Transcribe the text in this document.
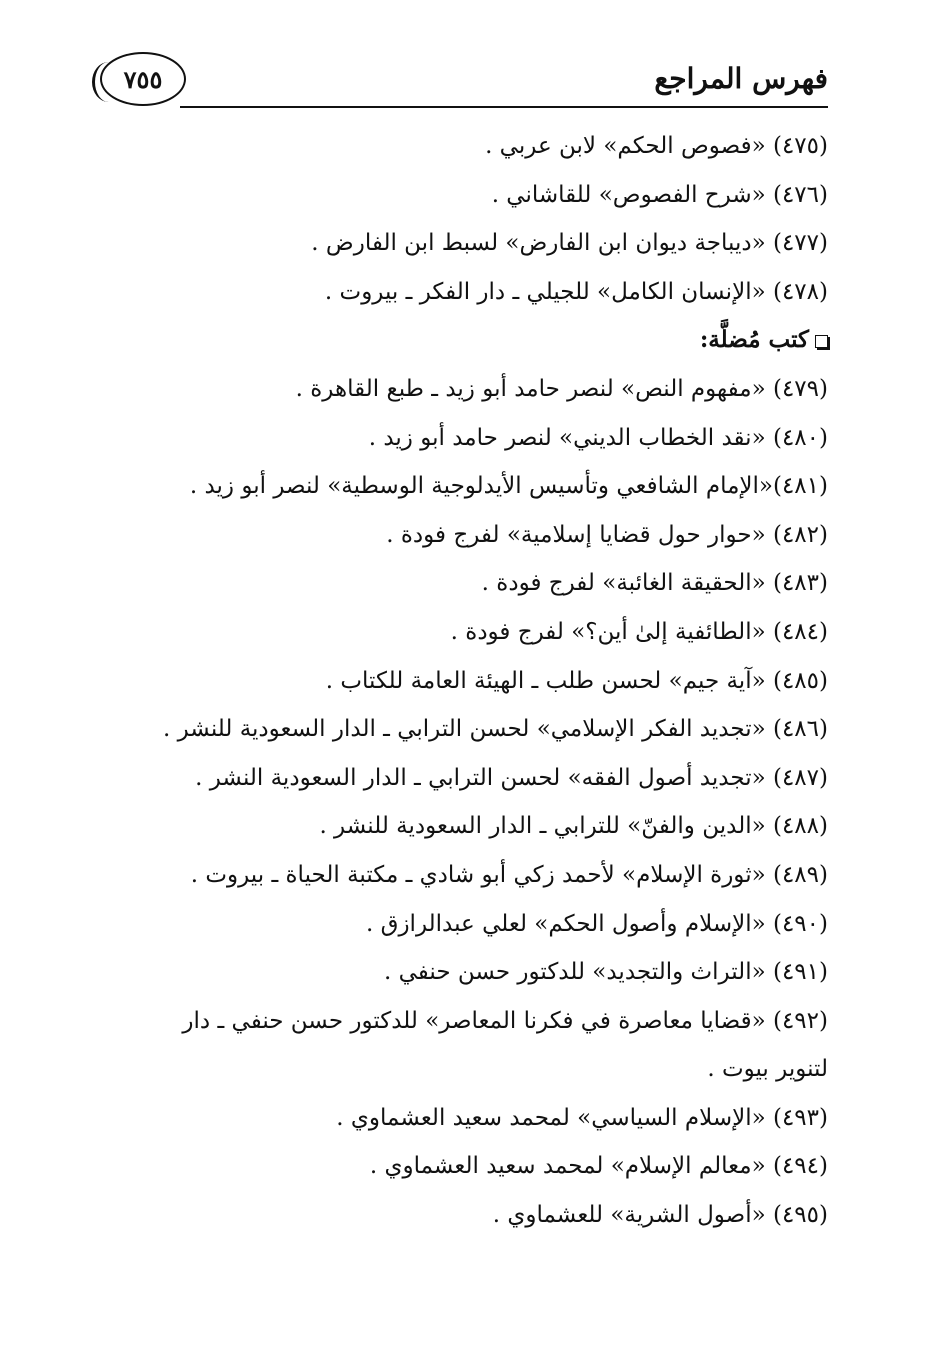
فهرس المراجع
٧٥٥
(٤٧٥) «فصوص الحكم» لابن عربي .
(٤٧٦) «شرح الفصوص» للقاشاني .
(٤٧٧) «ديباجة ديوان ابن الفارض» لسبط ابن الفارض .
(٤٧٨) «الإنسان الكامل» للجيلي ـ دار الفكر ـ بيروت .
كتب مُضلَّة:
(٤٧٩) «مفهوم النص» لنصر حامد أبو زيد ـ طبع القاهرة .
(٤٨٠) «نقد الخطاب الديني» لنصر حامد أبو زيد .
(٤٨١)«الإمام الشافعي وتأسيس الأيدلوجية الوسطية» لنصر أبو زيد .
(٤٨٢) «حوار حول قضايا إسلامية» لفرج فودة .
(٤٨٣) «الحقيقة الغائبة» لفرج فودة .
(٤٨٤) «الطائفية إلىٰ أين؟» لفرج فودة .
(٤٨٥) «آية جيم» لحسن طلب ـ الهيئة العامة للكتاب .
(٤٨٦) «تجديد الفكر الإسلامي» لحسن الترابي ـ الدار السعودية للنشر .
(٤٨٧) «تجديد أصول الفقه» لحسن الترابي ـ الدار السعودية النشر .
(٤٨٨) «الدين والفنّ» للترابي ـ الدار السعودية للنشر .
(٤٨٩) «ثورة الإسلام» لأحمد زكي أبو شادي ـ مكتبة الحياة ـ بيروت .
(٤٩٠) «الإسلام وأصول الحكم» لعلي عبدالرازق .
(٤٩١) «التراث والتجديد» للدكتور حسن حنفي .
(٤٩٢) «قضايا معاصرة في فكرنا المعاصر» للدكتور حسن حنفي ـ دار
لتنوير بيوت .
(٤٩٣) «الإسلام السياسي» لمحمد سعيد العشماوي .
(٤٩٤) «معالم الإسلام» لمحمد سعيد العشماوي .
(٤٩٥) «أصول الشرية» للعشماوي .
